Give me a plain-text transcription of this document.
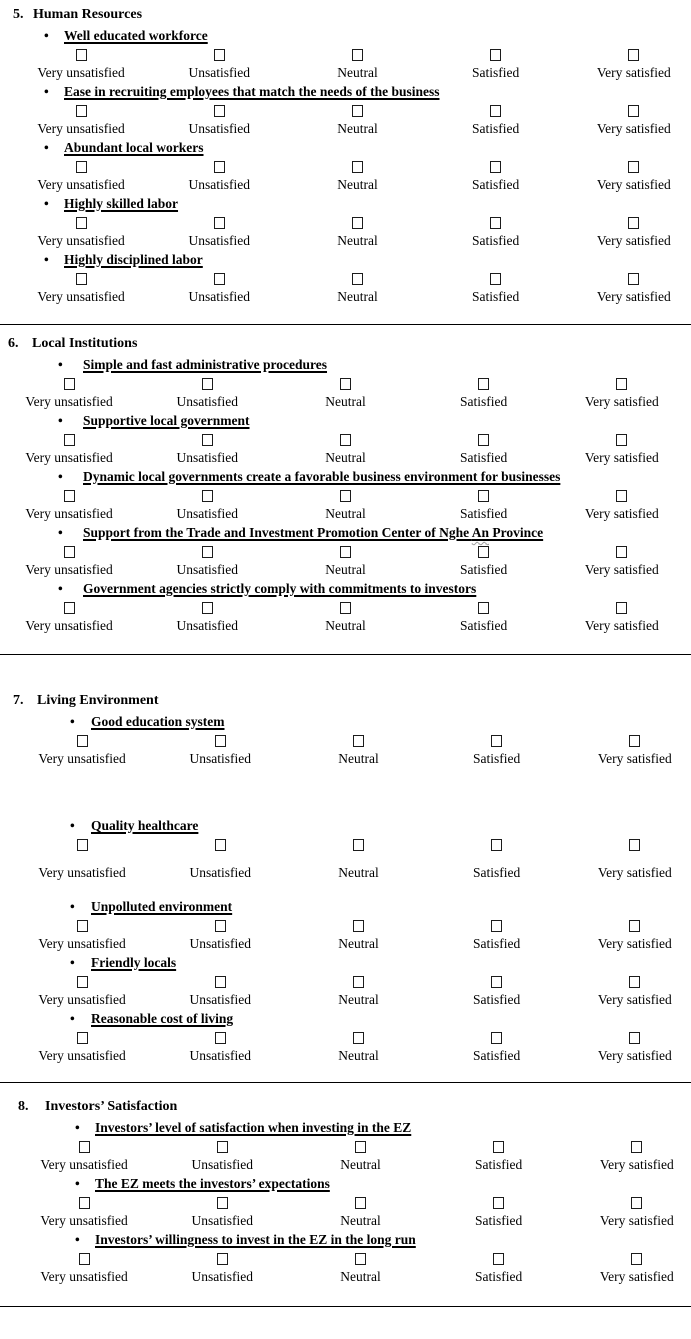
5. Human Resources
•	Well educated workforce
Very unsatisfied	Unsatisfied	Neutral	Satisfied	Very satisfied
•	Ease in recruiting employees that match the needs of the business
Very unsatisfied	Unsatisfied	Neutral	Satisfied	Very satisfied
•	Abundant local workers
Very unsatisfied	Unsatisfied	Neutral	Satisfied	Very satisfied
•	Highly skilled labor
Very unsatisfied	Unsatisfied	Neutral	Satisfied	Very satisfied
•	Highly disciplined labor
Very unsatisfied	Unsatisfied	Neutral	Satisfied	Very satisfied
6. Local Institutions
•	Simple and fast administrative procedures
Very unsatisfied	Unsatisfied	Neutral	Satisfied	Very satisfied
•	Supportive local government
Very unsatisfied	Unsatisfied	Neutral	Satisfied	Very satisfied
•	Dynamic local governments create a favorable business environment for businesses
Very unsatisfied	Unsatisfied	Neutral	Satisfied	Very satisfied
•	Support from the Trade and Investment Promotion Center of Nghe An Province
Very unsatisfied	Unsatisfied	Neutral	Satisfied	Very satisfied
•	Government agencies strictly comply with commitments to investors
Very unsatisfied	Unsatisfied	Neutral	Satisfied	Very satisfied
7. Living Environment
•	Good education system
Very unsatisfied	Unsatisfied	Neutral	Satisfied	Very satisfied
•	Quality healthcare
Very unsatisfied	Unsatisfied	Neutral	Satisfied	Very satisfied
•	Unpolluted environment
Very unsatisfied	Unsatisfied	Neutral	Satisfied	Very satisfied
•	Friendly locals
Very unsatisfied	Unsatisfied	Neutral	Satisfied	Very satisfied
•	Reasonable cost of living
Very unsatisfied	Unsatisfied	Neutral	Satisfied	Very satisfied
8.	Investors’ Satisfaction
•	Investors’ level of satisfaction when investing in the EZ
Very unsatisfied	Unsatisfied	Neutral	Satisfied	Very satisfied
•	The EZ meets the investors’ expectations
Very unsatisfied	Unsatisfied	Neutral	Satisfied	Very satisfied
•	Investors’ willingness to invest in the EZ in the long run
Very unsatisfied	Unsatisfied	Neutral	Satisfied	Very satisfied
